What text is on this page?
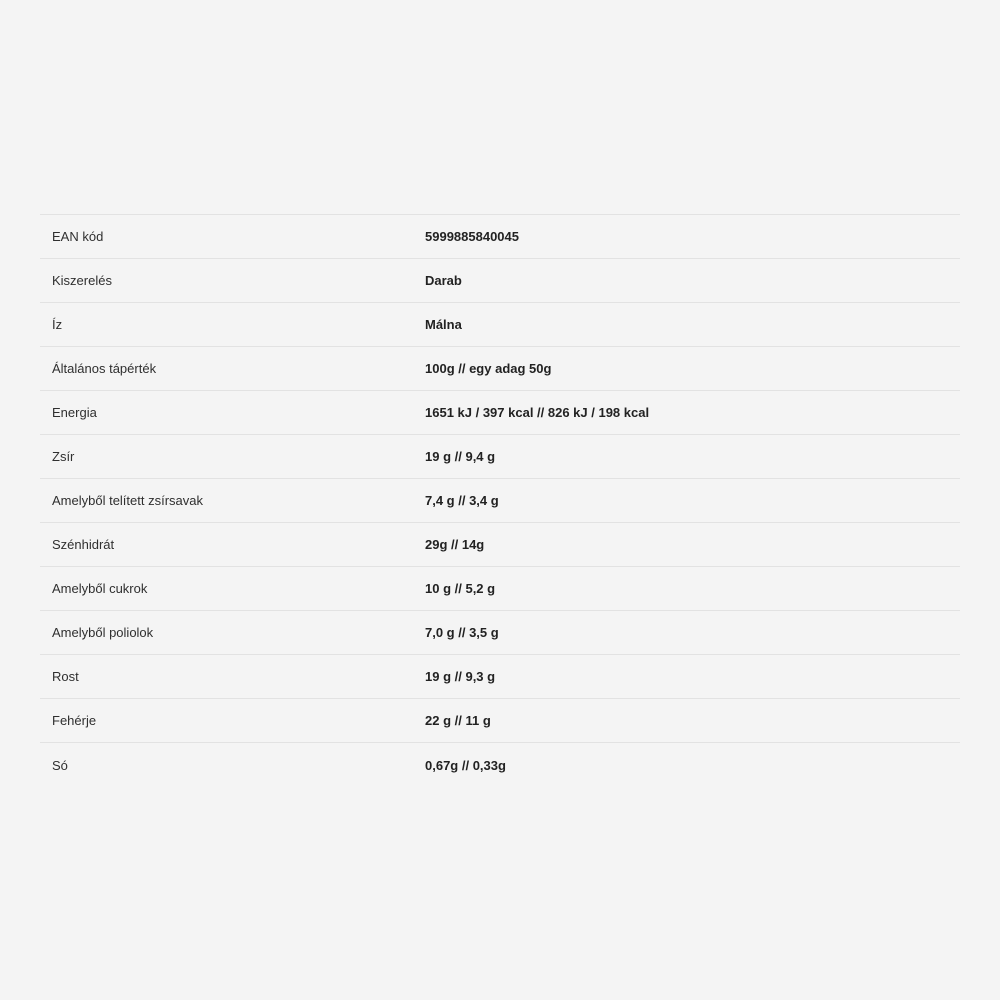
EAN kód	5999885840045
Kiszerelés	Darab
Íz	Málna
Általános tápérték	100g // egy adag 50g
Energia	1651 kJ / 397 kcal // 826 kJ / 198 kcal
Zsír	19 g // 9,4 g
Amelyből telített zsírsavak	7,4 g // 3,4 g
Szénhidrát	29g // 14g
Amelyből cukrok	10 g // 5,2 g
Amelyből poliolok	7,0 g // 3,5 g
Rost	19 g // 9,3 g
Fehérje	22 g // 11 g
Só	0,67g // 0,33g
